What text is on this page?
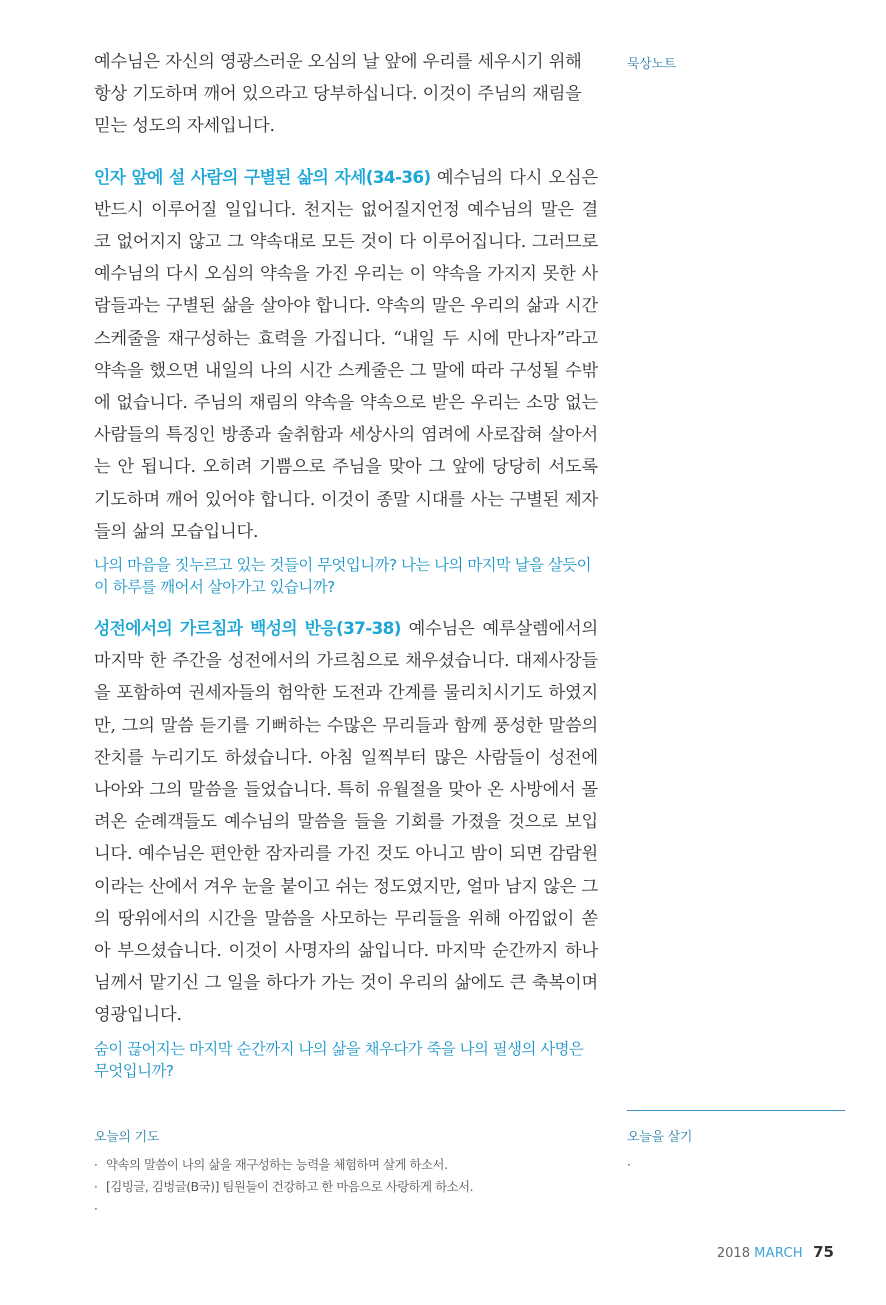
묵상노트

예수님은 자신의 영광스러운 오심의 날 앞에 우리를 세우시기 위해
항상 기도하며 깨어 있으라고 당부하십니다. 이것이 주님의 재림을
믿는 성도의 자세입니다.

인자 앞에 설 사람의 구별된 삶의 자세(34-36) 예수님의 다시 오심은 반드시 이루어질 일입니다. 천지는 없어질지언정 예수님의 말은 결코 없어지지 않고 그 약속대로 모든 것이 다 이루어집니다. 그러므로 예수님의 다시 오심의 약속을 가진 우리는 이 약속을 가지지 못한 사람들과는 구별된 삶을 살아야 합니다. 약속의 말은 우리의 삶과 시간 스케줄을 재구성하는 효력을 가집니다. “내일 두 시에 만나자”라고 약속을 했으면 내일의 나의 시간 스케줄은 그 말에 따라 구성될 수밖에 없습니다. 주님의 재림의 약속을 약속으로 받은 우리는 소망 없는 사람들의 특징인 방종과 술취함과 세상사의 염려에 사로잡혀 살아서는 안 됩니다. 오히려 기쁨으로 주님을 맞아 그 앞에 당당히 서도록 기도하며 깨어 있어야 합니다. 이것이 종말 시대를 사는 구별된 제자들의 삶의 모습입니다.

나의 마음을 짓누르고 있는 것들이 무엇입니까? 나는 나의 마지막 날을 살듯이 이 하루를 깨어서 살아가고 있습니까?

성전에서의 가르침과 백성의 반응(37-38) 예수님은 예루살렘에서의 마지막 한 주간을 성전에서의 가르침으로 채우셨습니다. 대제사장들을 포함하여 권세자들의 험악한 도전과 간계를 물리치시기도 하였지만, 그의 말씀 듣기를 기뻐하는 수많은 무리들과 함께 풍성한 말씀의 잔치를 누리기도 하셨습니다. 아침 일찍부터 많은 사람들이 성전에 나아와 그의 말씀을 들었습니다. 특히 유월절을 맞아 온 사방에서 몰려온 순례객들도 예수님의 말씀을 들을 기회를 가졌을 것으로 보입니다. 예수님은 편안한 잠자리를 가진 것도 아니고 밤이 되면 감람원이라는 산에서 겨우 눈을 붙이고 쉬는 정도였지만, 얼마 남지 않은 그의 땅위에서의 시간을 말씀을 사모하는 무리들을 위해 아낌없이 쏟아 부으셨습니다. 이것이 사명자의 삶입니다. 마지막 순간까지 하나님께서 맡기신 그 일을 하다가 가는 것이 우리의 삶에도 큰 축복이며 영광입니다.

숨이 끊어지는 마지막 순간까지 나의 삶을 채우다가 죽을 나의 필생의 사명은 무엇입니까?

오늘의 기도
· 약속의 말씀이 나의 삶을 재구성하는 능력을 체험하며 살게 하소서.
· [김빙글, 김벙글(B국)] 팀원들이 건강하고 한 마음으로 사랑하게 하소서.
·
오늘을 살기
·
2018 MARCH 75
